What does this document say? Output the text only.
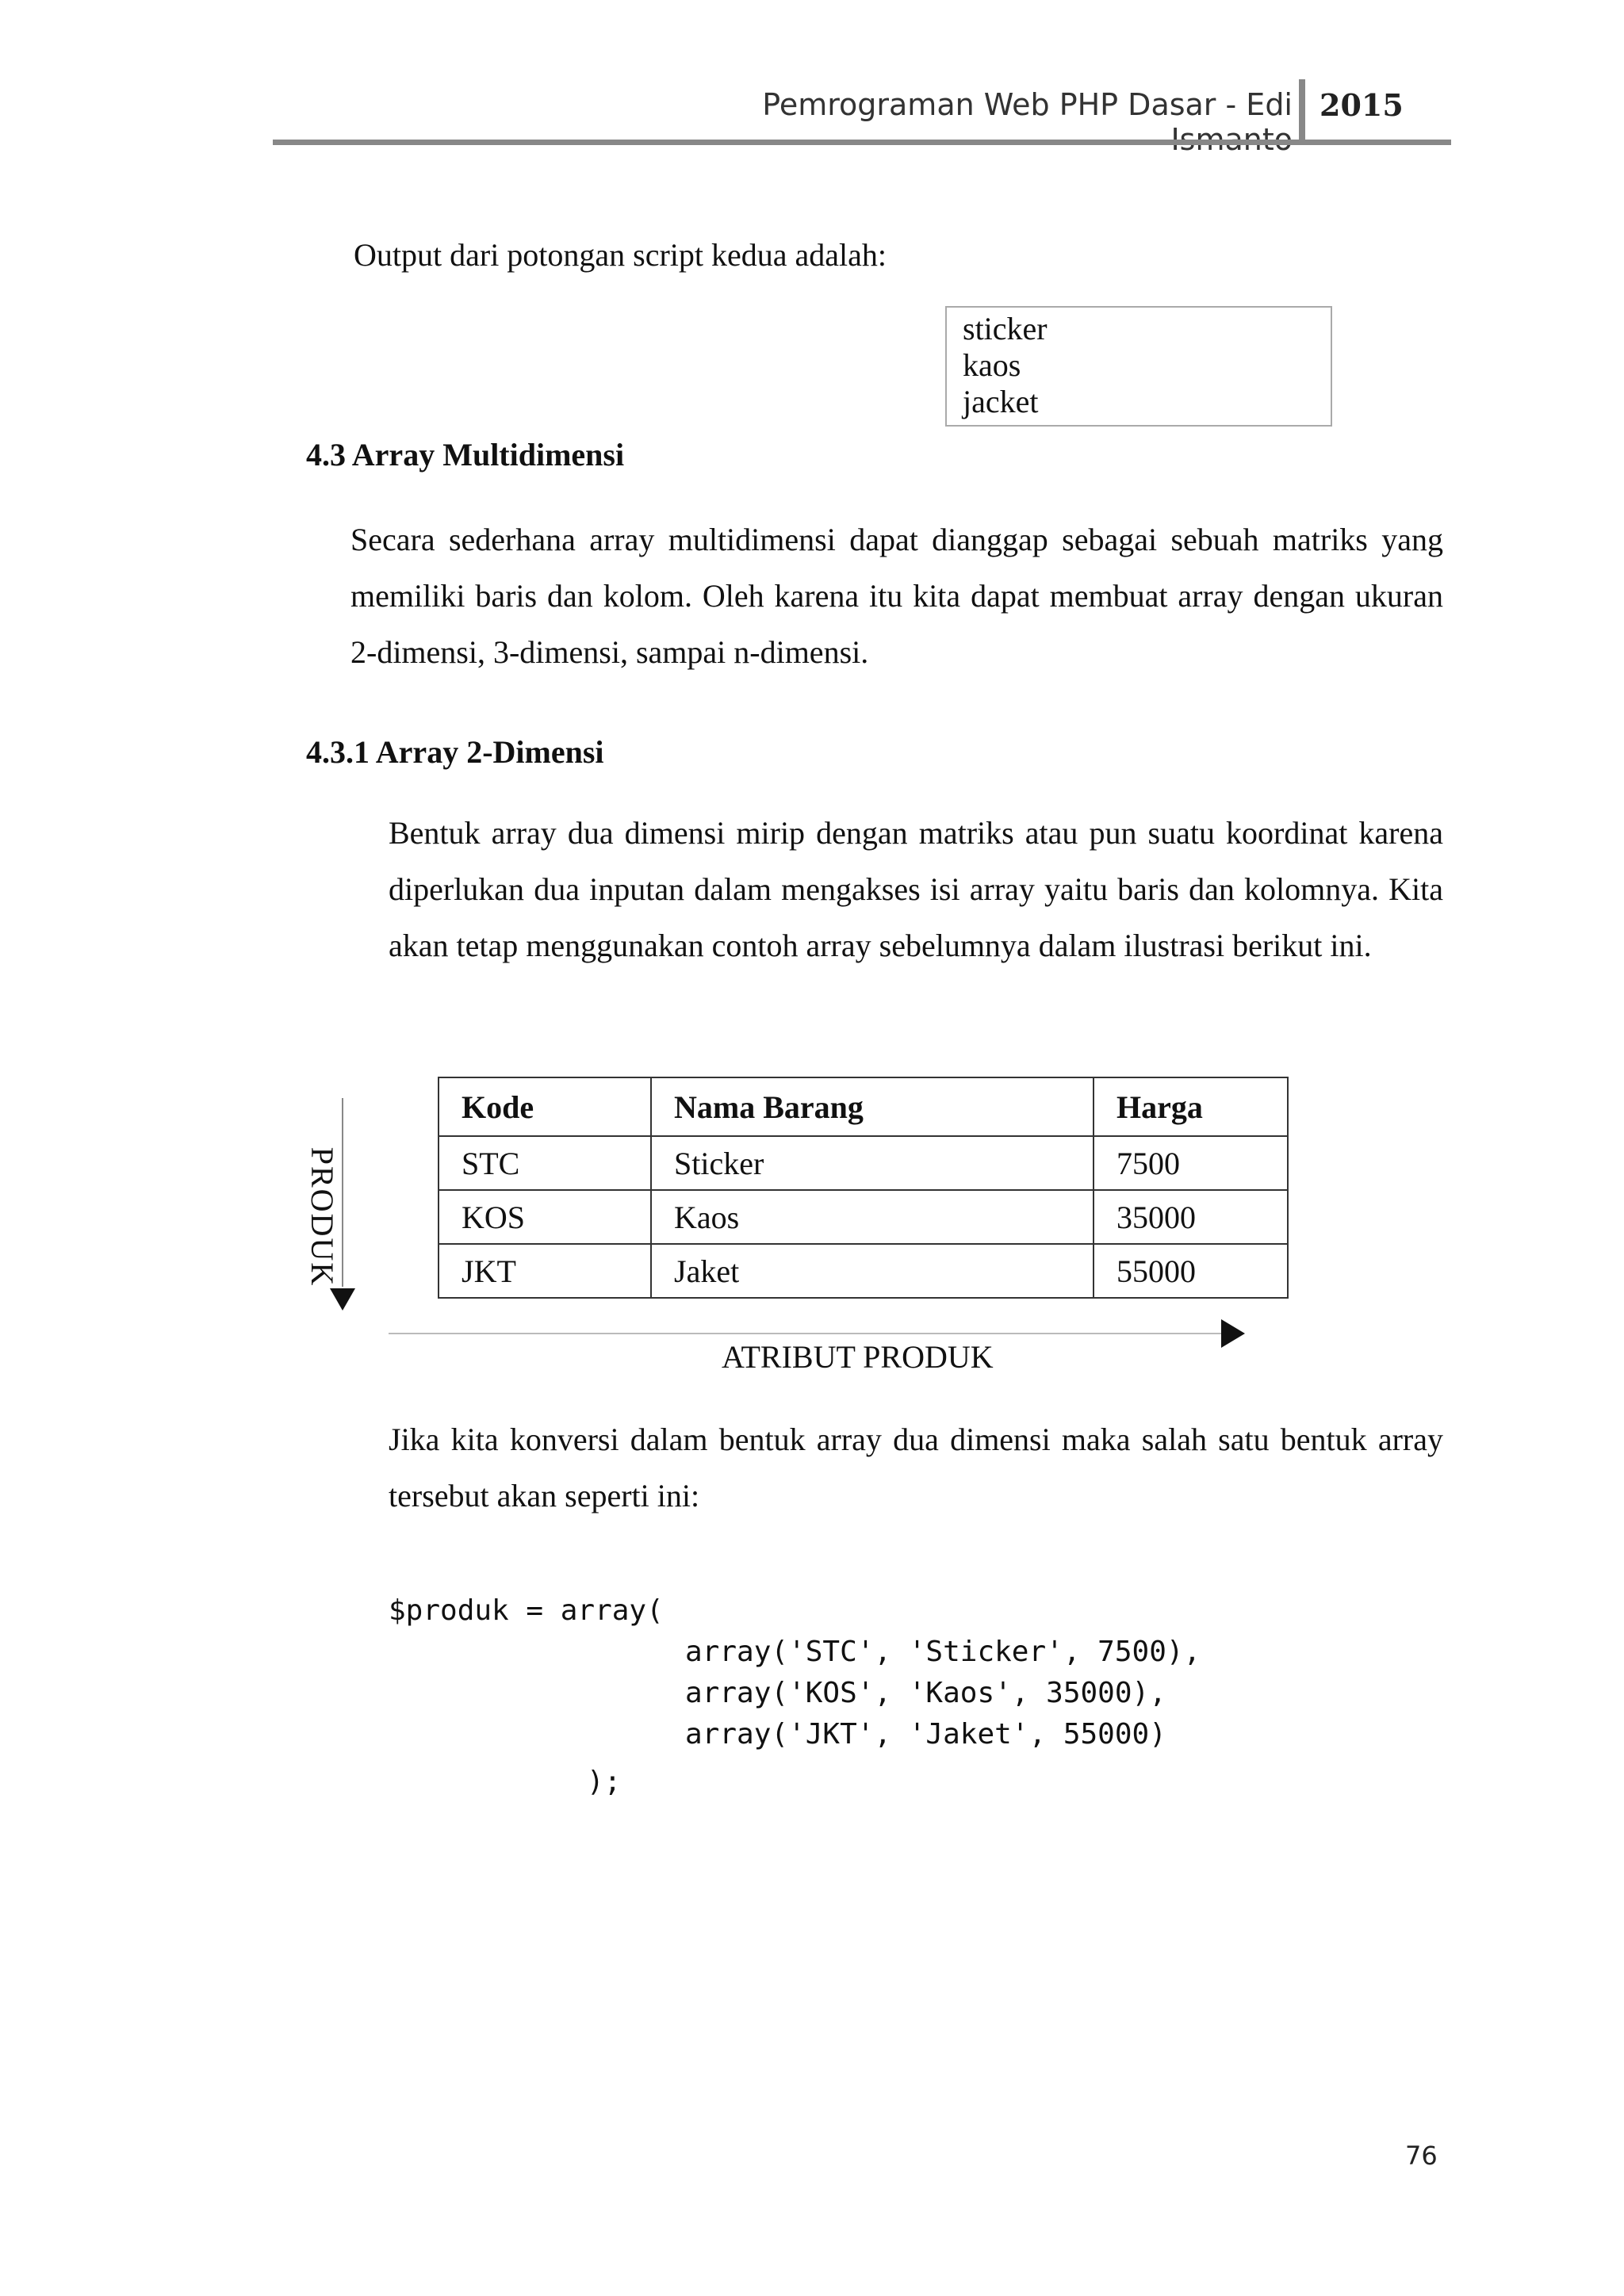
Pemrograman Web PHP Dasar - Edi 2015
Output dari potongan script kedua adalah:
sticker
kaos
jacket
4.3 Array Multidimensi
Secara sederhana array multidimensi dapat dianggap sebagai sebuah matriks yang memiliki baris dan kolom. Oleh karena itu kita dapat membuat array dengan ukuran 2-dimensi, 3-dimensi, sampai n-dimensi.
4.3.1 Array 2-Dimensi
Bentuk array dua dimensi mirip dengan matriks atau pun suatu koordinat karena diperlukan dua inputan dalam mengakses isi array yaitu baris dan kolomnya. Kita akan tetap menggunakan contoh array sebelumnya dalam ilustrasi berikut ini.
PRODUK
Kode	Nama Barang	Harga
STC	Sticker	7500
KOS	Kaos	35000
JKT	Jaket	55000
ATRIBUT PRODUK
Jika kita konversi dalam bentuk array dua dimensi maka salah satu bentuk array tersebut akan seperti ini:
$produk = array(
array('STC', 'Sticker', 7500),
array('KOS', 'Kaos', 35000),
array('JKT', 'Jaket', 55000)
);
76
